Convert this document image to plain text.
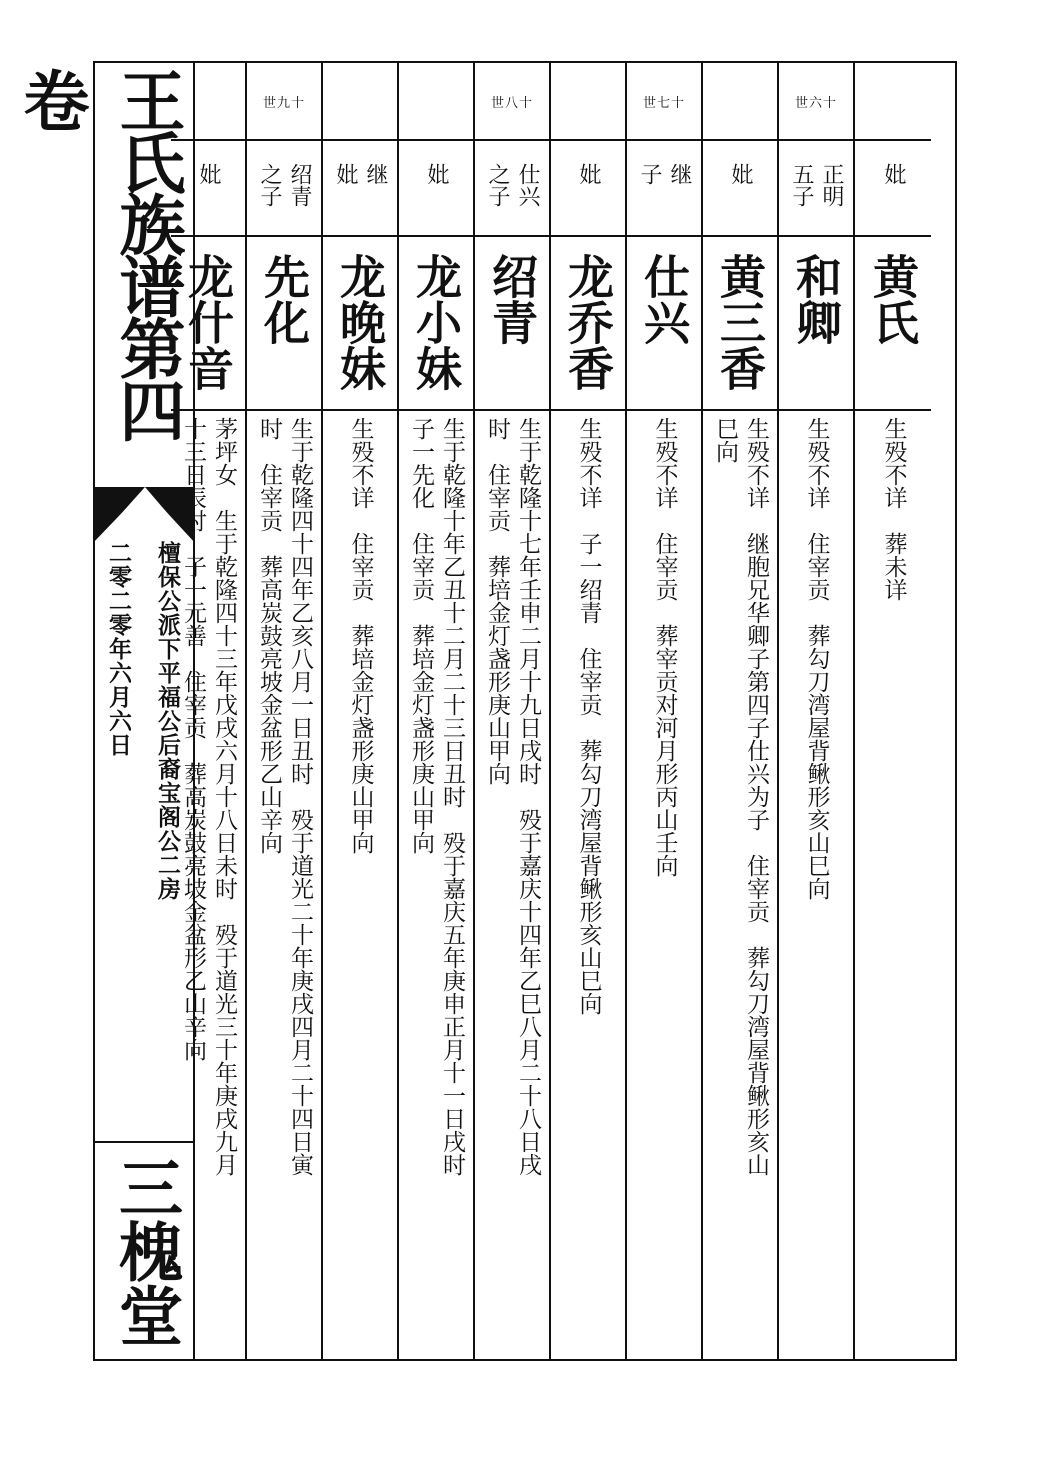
王氏族谱第四卷
檀保公派下平福公后裔宝阁公二房
二零二零年六月六日
三槐堂
妣
黄氏
生殁不详　葬未详
世六十
正明 五子
和卿
生殁不详　住宰贡　葬勾刀湾屋背鳅形亥山巳向
妣
黄三香
生殁不详　继胞兄华卿子第四子仕兴为子　住宰贡　葬勾刀湾屋背鳅形亥山
巳向
世七十
继 子
仕兴
生殁不详　住宰贡　葬宰贡对河月形丙山壬向
妣
龙乔香
生殁不详　子一绍青　住宰贡　葬勾刀湾屋背鳅形亥山巳向
世八十
仕兴 之子
绍青
生于乾隆十七年壬申二月十九日戌时　殁于嘉庆十四年乙巳八月二十八日戌
时　住宰贡　葬培金灯盏形庚山甲向
妣
龙小妹
生于乾隆十年乙丑十二月二十三日丑时　殁于嘉庆五年庚申正月十一日戌时
子一先化　住宰贡　葬培金灯盏形庚山甲向
继 妣
龙晚妹
生殁不详　住宰贡　葬培金灯盏形庚山甲向
世九十
绍青 之子
先化
生于乾隆四十四年乙亥八月一日丑时　殁于道光二十年庚戌四月二十四日寅
时　住宰贡　葬高炭鼓亮坡金盆形乙山辛向
妣
龙什音
茅坪女　生于乾隆四十三年戊戌六月十八日未时　殁于道光三十年庚戌九月
十三日辰时　子一元善　住宰贡　葬高炭鼓亮坡金盆形乙山辛向
